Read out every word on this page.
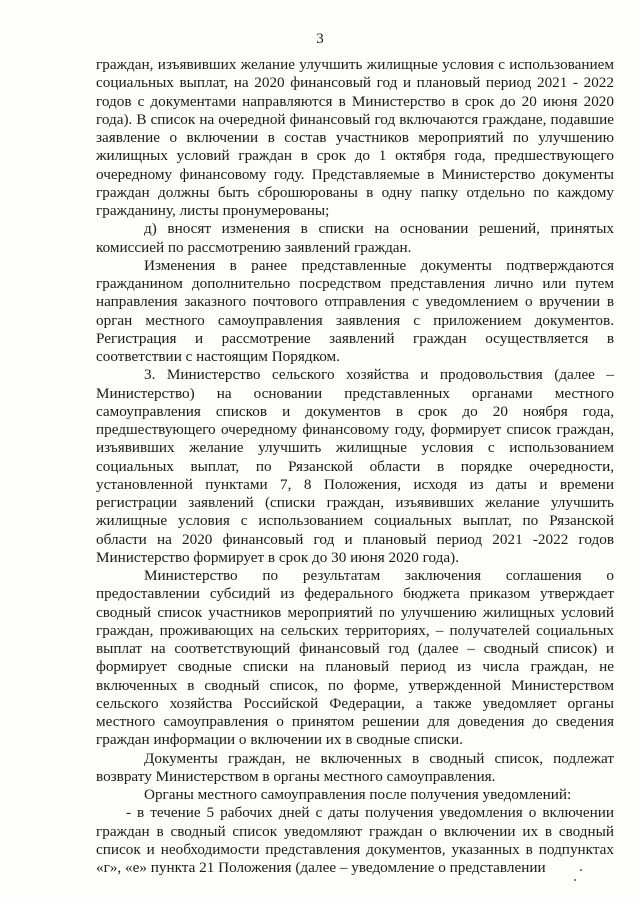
3

граждан, изъявивших желание улучшить жилищные условия с использованием социальных выплат, на 2020 финансовый год и плановый период 2021 - 2022 годов с документами направляются в Министерство в срок до 20 июня 2020 года). В список на очередной финансовый год включаются граждане, подавшие заявление о включении в состав участников мероприятий по улучшению жилищных условий граждан в срок до 1 октября года, предшествующего очередному финансовому году. Представляемые в Министерство документы граждан должны быть сброшюрованы в одну папку отдельно по каждому гражданину, листы пронумерованы;

д) вносят изменения в списки на основании решений, принятых комиссией по рассмотрению заявлений граждан.

Изменения в ранее представленные документы подтверждаются гражданином дополнительно посредством представления лично или путем направления заказного почтового отправления с уведомлением о вручении в орган местного самоуправления заявления с приложением документов. Регистрация и рассмотрение заявлений граждан осуществляется в соответствии с настоящим Порядком.

3. Министерство сельского хозяйства и продовольствия (далее – Министерство) на основании представленных органами местного самоуправления списков и документов в срок до 20 ноября года, предшествующего очередному финансовому году, формирует список граждан, изъявивших желание улучшить жилищные условия с использованием социальных выплат, по Рязанской области в порядке очередности, установленной пунктами 7, 8 Положения, исходя из даты и времени регистрации заявлений (списки граждан, изъявивших желание улучшить жилищные условия с использованием социальных выплат, по Рязанской области на 2020 финансовый год и плановый период 2021 -2022 годов Министерство формирует в срок до 30 июня 2020 года).

Министерство по результатам заключения соглашения о предоставлении субсидий из федерального бюджета приказом утверждает сводный список участников мероприятий по улучшению жилищных условий граждан, проживающих на сельских территориях, – получателей социальных выплат на соответствующий финансовый год (далее – сводный список) и формирует сводные списки на плановый период из числа граждан, не включенных в сводный список, по форме, утвержденной Министерством сельского хозяйства Российской Федерации, а также уведомляет органы местного самоуправления о принятом решении для доведения до сведения граждан информации о включении их в сводные списки.

Документы граждан, не включенных в сводный список, подлежат возврату Министерством в органы местного самоуправления.

Органы местного самоуправления после получения уведомлений:

- в течение 5 рабочих дней с даты получения уведомления о включении граждан в сводный список уведомляют граждан о включении их в сводный список и необходимости представления документов, указанных в подпунктах «г», «е» пункта 21 Положения (далее – уведомление о представлении
